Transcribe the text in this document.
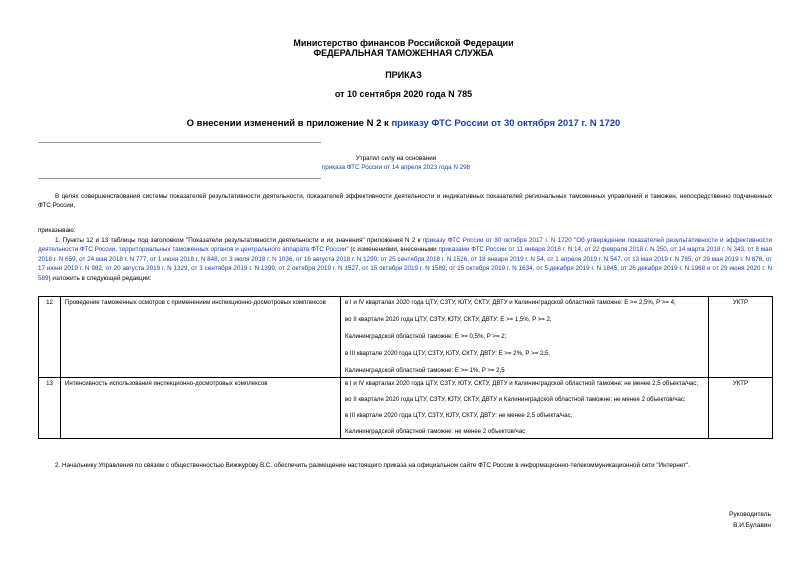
Министерство финансов Российской Федерации
ФЕДЕРАЛЬНАЯ ТАМОЖЕННАЯ СЛУЖБА
ПРИКАЗ
от 10 сентября 2020 года N 785
О внесении изменений в приложение N 2 к приказу ФТС России от 30 октября 2017 г. N 1720
Утратил силу на основании
приказа ФТС России от 14 апреля 2023 года N 298
В целях совершенствования системы показателей результативности деятельности, показателей эффективности деятельности и индикативных показателей региональных таможенных управлений и таможен, непосредственно подчиненных ФТС России,
приказываю:
1. Пункты 12 и 13 таблицы под заголовком "Показатели результативности деятельности и их значения" приложения N 2 к приказу ФТС России от 30 октября 2017 г. N 1720 "Об утверждении показателей результативности и эффективности деятельности ФТС России, территориальных таможенных органов и центрального аппарата ФТС России" (с изменениями, внесенными приказами ФТС России от 11 января 2018 г. N 14, от 22 февраля 2018 г. N 250, от 14 марта 2018 г. N 343, от 8 мая 2018 г. N 659, от 24 мая 2018 г. N 777, от 1 июня 2018 г. N 848, от 3 июля 2018 г. N 1036, от 16 августа 2018 г. N 1290, от 25 сентября 2018 г. N 1526, от 18 января 2019 г. N 54, от 1 апреля 2019 г. N 547, от 13 мая 2019 г. N 785, от 29 мая 2019 г. N 878, от 17 июня 2019 г. N 982, от 20 августа 2019 г. N 1329, от 3 сентября 2019 г. N 1399, от 2 октября 2019 г. N 1527, от 15 октября 2019 г. N 1589, от 25 октября 2019 г. N 1634, от 5 декабря 2019 г. N 1845, от 26 декабря 2019 г. N 1968 и от 29 июня 2020 г. N 589) изложить в следующей редакции:
12	Проведение таможенных осмотров с применением инспекционно-досмотровых комплексов	в I и IV кварталах 2020 года ЦТУ, СЗТУ, ЮТУ, СКТУ, ДВТУ и Калининградской областной таможне: E >= 2,5%, P >= 4;

во II квартале 2020 года ЦТУ, СЗТУ, ЮТУ, СКТУ, ДВТУ: E >= 1,5%, P >= 2,

Калининградской областной таможне: E >= 0,5%, P >= 2;

в III квартале 2020 года ЦТУ, СЗТУ, ЮТУ, СКТУ, ДВТУ: E >= 2%, P >= 2,5,

Калининградской областной таможне: E >= 1%, P >= 2,5	УКТР
13	Интенсивность использования инспекционно-досмотровых комплексов	в I и IV кварталах 2020 года ЦТУ, СЗТУ, ЮТУ, СКТУ, ДВТУ и Калининградской областной таможне: не менее 2,5 объекта/час;

во II квартале 2020 года ЦТУ, СЗТУ, ЮТУ, СКТУ, ДВТУ и Калининградской областной таможне: не менее 2 объектов/час;

в III квартале 2020 года ЦТУ, СЗТУ, ЮТУ, СКТУ, ДВТУ: не менее 2,5 объекта/час,

Калининградской областной таможне: не менее 2 объектов/час	УКТР
2. Начальнику Управления по связям с общественностью Вижжурову В.С. обеспечить размещение настоящего приказа на официальном сайте ФТС России в информационно-телекоммуникационной сети "Интернет".
Руководитель
В.И.Булавин
